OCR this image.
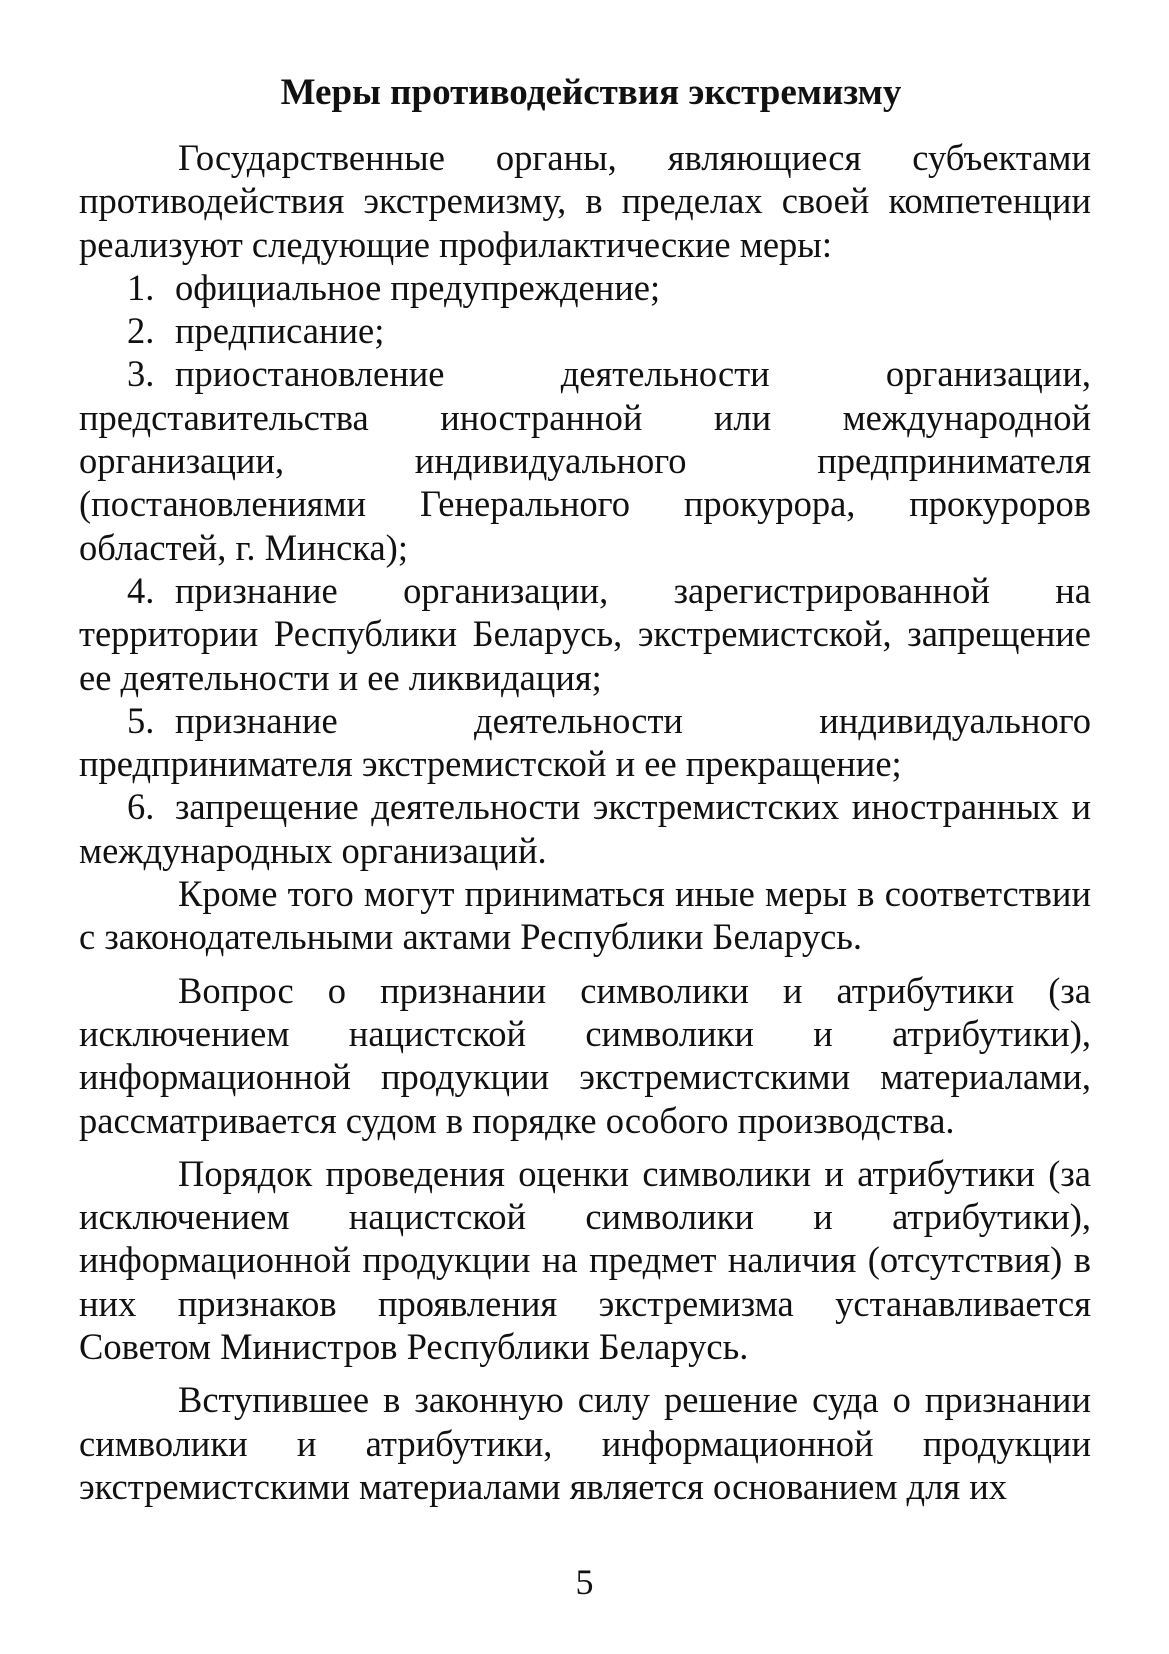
Меры противодействия экстремизму

Государственные органы, являющиеся субъектами противодействия экстремизму, в пределах своей компетенции реализуют следующие профилактические меры:

1. официальное предупреждение;
2. предписание;
3. приостановление деятельности организации, представительства иностранной или международной организации, индивидуального предпринимателя (постановлениями Генерального прокурора, прокуроров областей, г. Минска);
4. признание организации, зарегистрированной на территории Республики Беларусь, экстремистской, запрещение ее деятельности и ее ликвидация;
5. признание деятельности индивидуального предпринимателя экстремистской и ее прекращение;
6. запрещение деятельности экстремистских иностранных и международных организаций.

Кроме того могут приниматься иные меры в соответствии с законодательными актами Республики Беларусь.

Вопрос о признании символики и атрибутики (за исключением нацистской символики и атрибутики), информационной продукции экстремистскими материалами, рассматривается судом в порядке особого производства.

Порядок проведения оценки символики и атрибутики (за исключением нацистской символики и атрибутики), информационной продукции на предмет наличия (отсутствия) в них признаков проявления экстремизма устанавливается Советом Министров Республики Беларусь.

Вступившее в законную силу решение суда о признании символики и атрибутики, информационной продукции экстремистскими материалами является основанием для их

5
